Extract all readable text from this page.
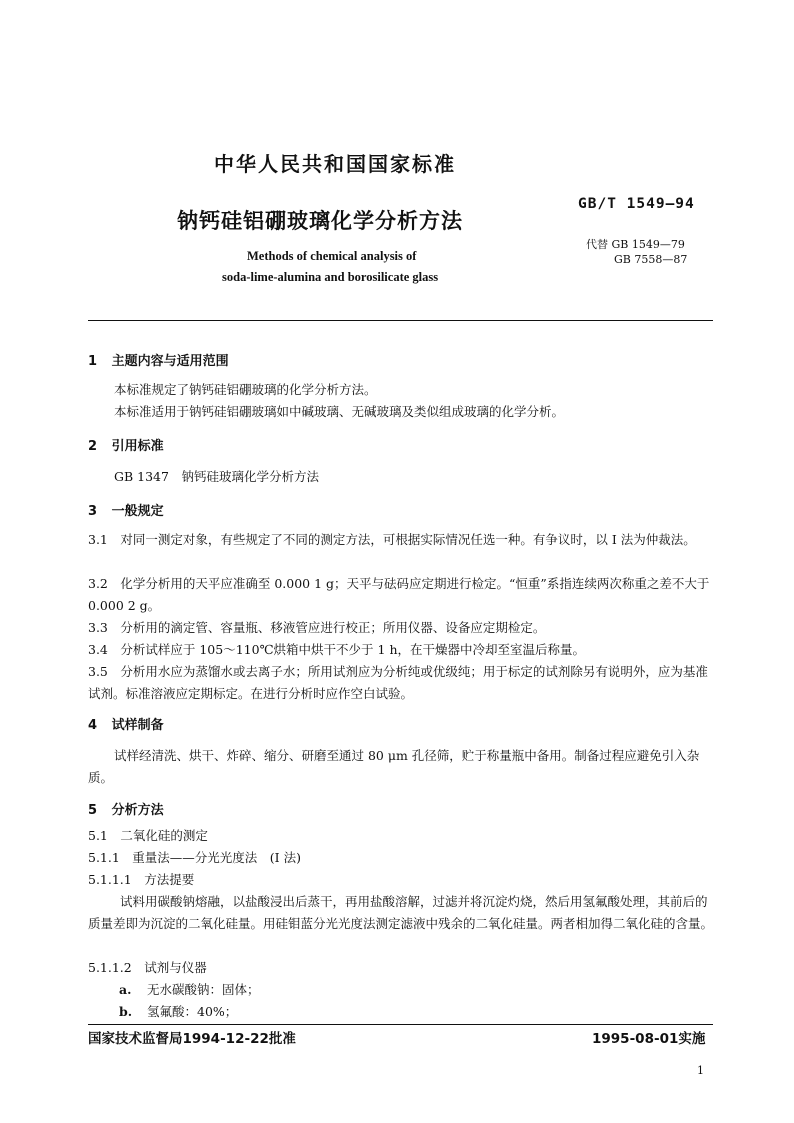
中华人民共和国国家标准
钠钙硅铝硼玻璃化学分析方法
GB/T 1549—94
代替 GB 1549—79
GB 7558—87
Methods of chemical analysis of
soda-lime-alumina and borosilicate glass
1 主题内容与适用范围
本标准规定了钠钙硅铝硼玻璃的化学分析方法。
本标准适用于钠钙硅铝硼玻璃如中碱玻璃、无碱玻璃及类似组成玻璃的化学分析。
2 引用标准
GB 1347　钠钙硅玻璃化学分析方法
3 一般规定
3.1　对同一测定对象，有些规定了不同的测定方法，可根据实际情况任选一种。有争议时，以 I 法为仲裁法。
3.2　化学分析用的天平应准确至 0.000 1 g；天平与砝码应定期进行检定。“恒重”系指连续两次称重之差不大于 0.000 2 g。
3.3　分析用的滴定管、容量瓶、移液管应进行校正；所用仪器、设备应定期检定。
3.4　分析试样应于 105～110℃烘箱中烘干不少于 1 h，在干燥器中冷却至室温后称量。
3.5　分析用水应为蒸馏水或去离子水；所用试剂应为分析纯或优级纯；用于标定的试剂除另有说明外，应为基准试剂。标准溶液应定期标定。在进行分析时应作空白试验。
4 试样制备
试样经清洗、烘干、炸碎、缩分、研磨至通过 80 μm 孔径筛，贮于称量瓶中备用。制备过程应避免引入杂质。
5 分析方法
5.1　二氧化硅的测定
5.1.1　重量法——分光光度法　(I 法)
5.1.1.1　方法提要
试料用碳酸钠熔融，以盐酸浸出后蒸干，再用盐酸溶解，过滤并将沉淀灼烧，然后用氢氟酸处理，其前后的质量差即为沉淀的二氧化硅量。用硅钼蓝分光光度法测定滤液中残余的二氧化硅量。两者相加得二氧化硅的含量。
5.1.1.2　试剂与仪器
a. 无水碳酸钠：固体；
b. 氢氟酸：40%；
国家技术监督局1994-12-22批准	1995-08-01实施
1
